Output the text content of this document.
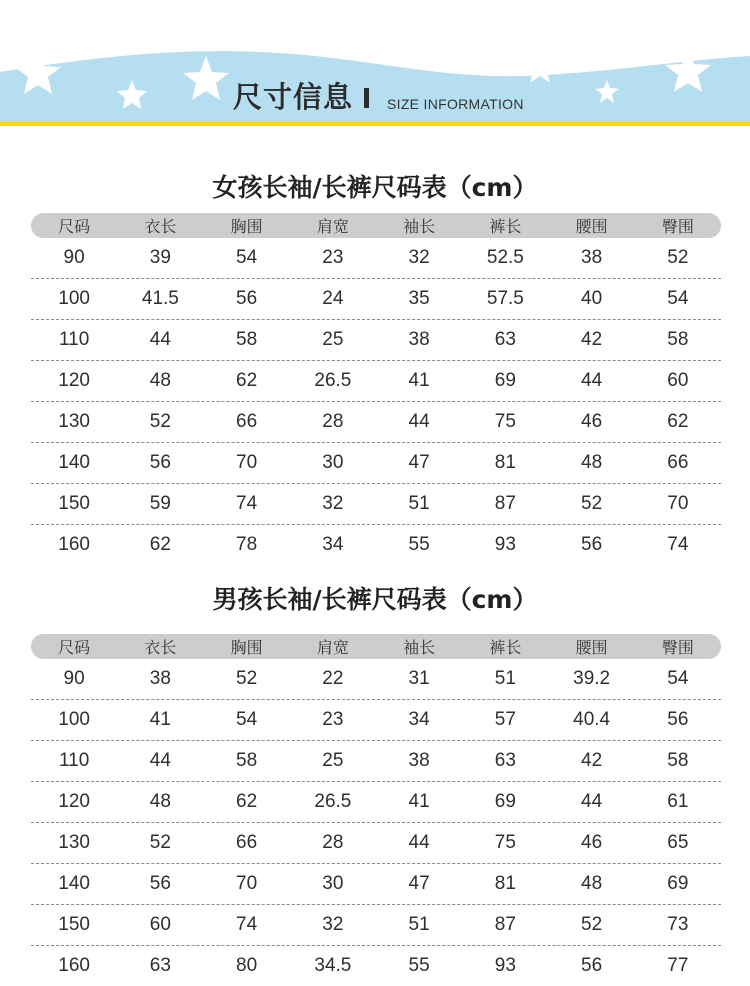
尺寸信息 SIZE INFORMATION
女孩长袖/长裤尺码表（cm）
尺码	衣长	胸围	肩宽	袖长	裤长	腰围	臀围
90	39	54	23	32	52.5	38	52
100	41.5	56	24	35	57.5	40	54
110	44	58	25	38	63	42	58
120	48	62	26.5	41	69	44	60
130	52	66	28	44	75	46	62
140	56	70	30	47	81	48	66
150	59	74	32	51	87	52	70
160	62	78	34	55	93	56	74
男孩长袖/长裤尺码表（cm）
尺码	衣长	胸围	肩宽	袖长	裤长	腰围	臀围
90	38	52	22	31	51	39.2	54
100	41	54	23	34	57	40.4	56
110	44	58	25	38	63	42	58
120	48	62	26.5	41	69	44	61
130	52	66	28	44	75	46	65
140	56	70	30	47	81	48	69
150	60	74	32	51	87	52	73
160	63	80	34.5	55	93	56	77
